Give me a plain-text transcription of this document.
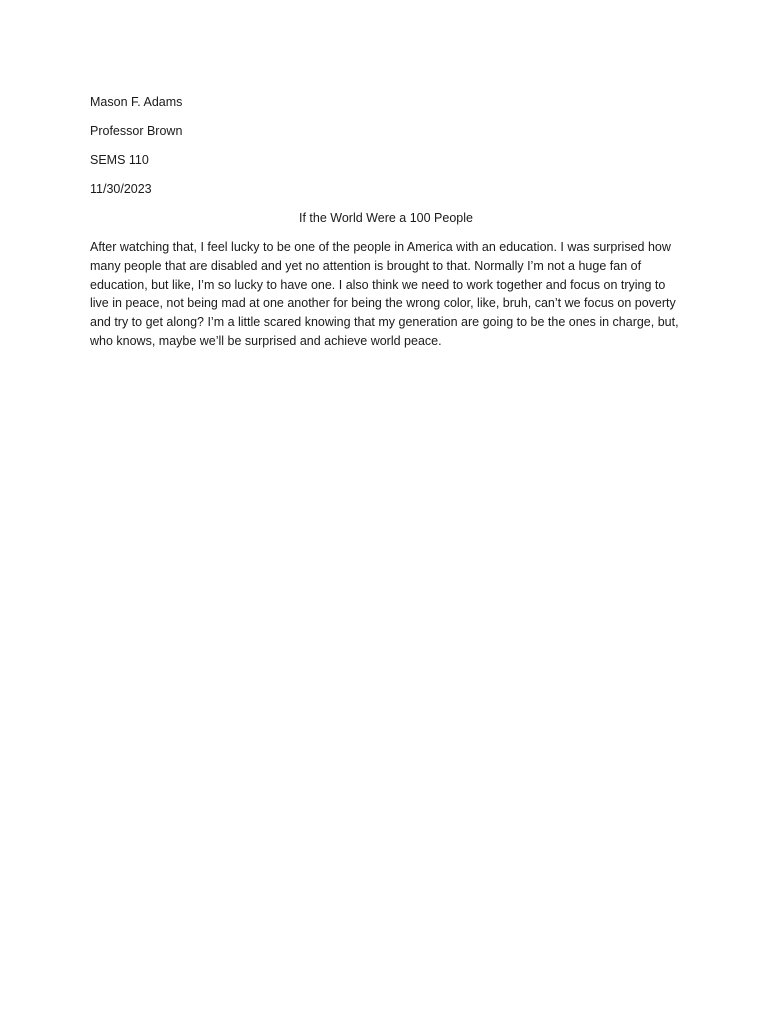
Mason F. Adams
Professor Brown
SEMS 110
11/30/2023
If the World Were a 100 People

After watching that, I feel lucky to be one of the people in America with an education. I was surprised how many people that are disabled and yet no attention is brought to that. Normally I’m not a huge fan of education, but like, I’m so lucky to have one. I also think we need to work together and focus on trying to live in peace, not being mad at one another for being the wrong color, like, bruh, can’t we focus on poverty and try to get along? I’m a little scared knowing that my generation are going to be the ones in charge, but, who knows, maybe we’ll be surprised and achieve world peace.
